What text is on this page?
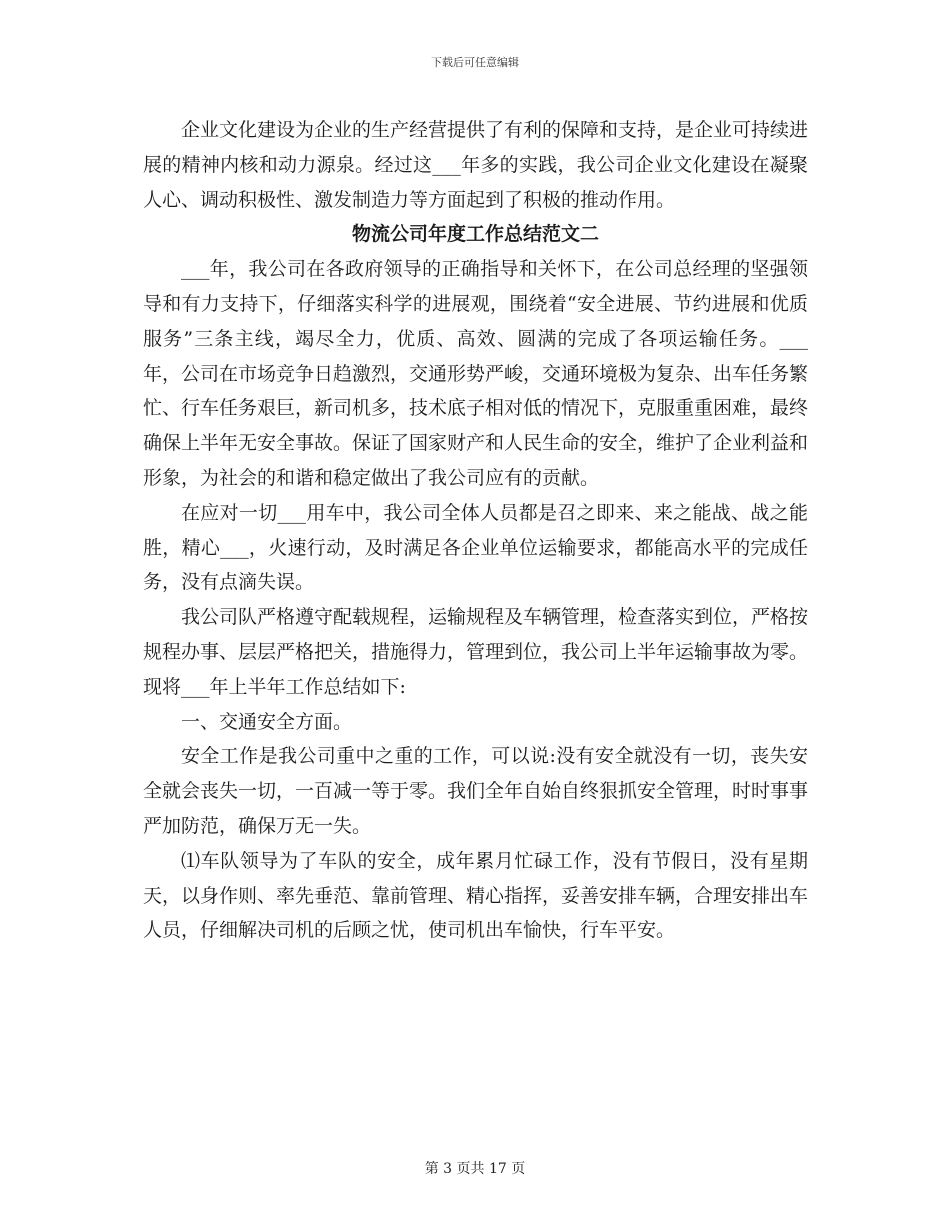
下载后可任意编辑

企业文化建设为企业的生产经营提供了有利的保障和支持，是企业可持续进展的精神内核和动力源泉。经过这___年多的实践，我公司企业文化建设在凝聚人心、调动积极性、激发制造力等方面起到了积极的推动作用。

物流公司年度工作总结范文二

___年，我公司在各政府领导的正确指导和关怀下，在公司总经理的坚强领导和有力支持下，仔细落实科学的进展观，围绕着“安全进展、节约进展和优质服务”三条主线，竭尽全力，优质、高效、圆满的完成了各项运输任务。___年，公司在市场竞争日趋激烈，交通形势严峻，交通环境极为复杂、出车任务繁忙、行车任务艰巨，新司机多，技术底子相对低的情况下，克服重重困难，最终确保上半年无安全事故。保证了国家财产和人民生命的安全，维护了企业利益和形象，为社会的和谐和稳定做出了我公司应有的贡献。

在应对一切___用车中，我公司全体人员都是召之即来、来之能战、战之能胜，精心___，火速行动，及时满足各企业单位运输要求，都能高水平的完成任务，没有点滴失误。

我公司队严格遵守配载规程，运输规程及车辆管理，检查落实到位，严格按规程办事、层层严格把关，措施得力，管理到位，我公司上半年运输事故为零。现将___年上半年工作总结如下:

一、交通安全方面。

安全工作是我公司重中之重的工作，可以说:没有安全就没有一切，丧失安全就会丧失一切，一百减一等于零。我们全年自始自终狠抓安全管理，时时事事严加防范，确保万无一失。

⑴车队领导为了车队的安全，成年累月忙碌工作，没有节假日，没有星期天，以身作则、率先垂范、靠前管理、精心指挥，妥善安排车辆，合理安排出车人员，仔细解决司机的后顾之忧，使司机出车愉快，行车平安。

第 3 页共 17 页
